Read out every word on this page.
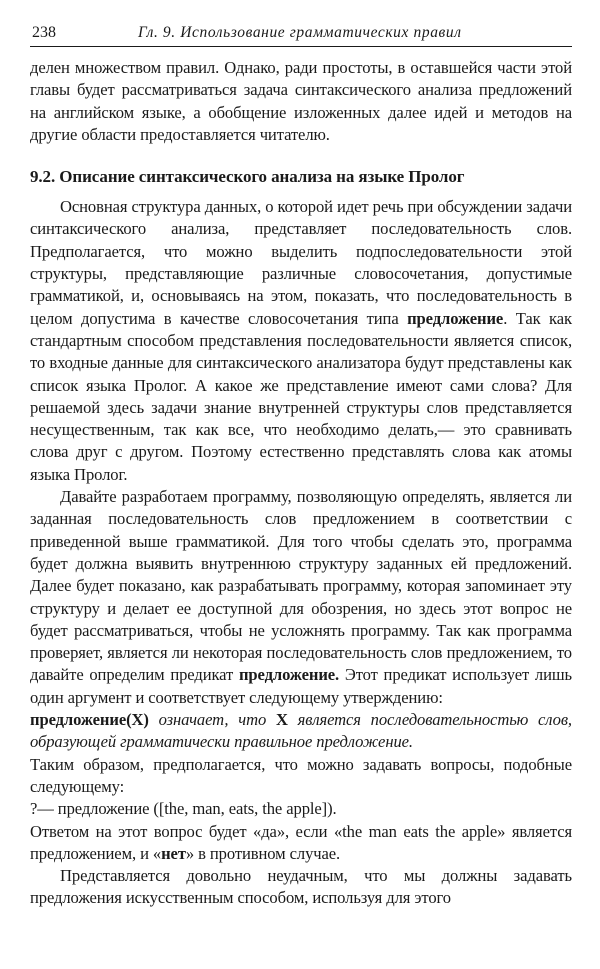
238	Гл. 9. Использование грамматических правил

делен множеством правил. Однако, ради простоты, в оставшейся части этой главы будет рассматриваться задача синтаксического анализа предложений на английском языке, а обобщение изложенных далее идей и методов на другие области предоставляется читателю.

9.2. Описание синтаксического анализа на языке Пролог

Основная структура данных, о которой идет речь при обсуждении задачи синтаксического анализа, представляет последовательность слов. Предполагается, что можно выделить подпоследовательности этой структуры, представляющие различные словосочетания, допустимые грамматикой, и, основываясь на этом, показать, что последовательность в целом допустима в качестве словосочетания типа предложение. Так как стандартным способом представления последовательности является список, то входные данные для синтаксического анализатора будут представлены как список языка Пролог. А какое же представление имеют сами слова? Для решаемой здесь задачи знание внутренней структуры слов представляется несущественным, так как все, что необходимо делать,— это сравнивать слова друг с другом. Поэтому естественно представлять слова как атомы языка Пролог.

Давайте разработаем программу, позволяющую определять, является ли заданная последовательность слов предложением в соответствии с приведенной выше грамматикой. Для того чтобы сделать это, программа будет должна выявить внутреннюю структуру заданных ей предложений. Далее будет показано, как разрабатывать программу, которая запоминает эту структуру и делает ее доступной для обозрения, но здесь этот вопрос не будет рассматриваться, чтобы не усложнять программу. Так как программа проверяет, является ли некоторая последовательность слов предложением, то давайте определим предикат предложение. Этот предикат использует лишь один аргумент и соответствует следующему утверждению:

предложение(X) означает, что X является последовательностью слов, образующей грамматически правильное предложение.

Таким образом, предполагается, что можно задавать вопросы, подобные следующему:

?— предложение ([the, man, eats, the apple]).

Ответом на этот вопрос будет «да», если «the man eats the apple» является предложением, и «нет» в противном случае.

Представляется довольно неудачным, что мы должны задавать предложения искусственным способом, используя для этого
